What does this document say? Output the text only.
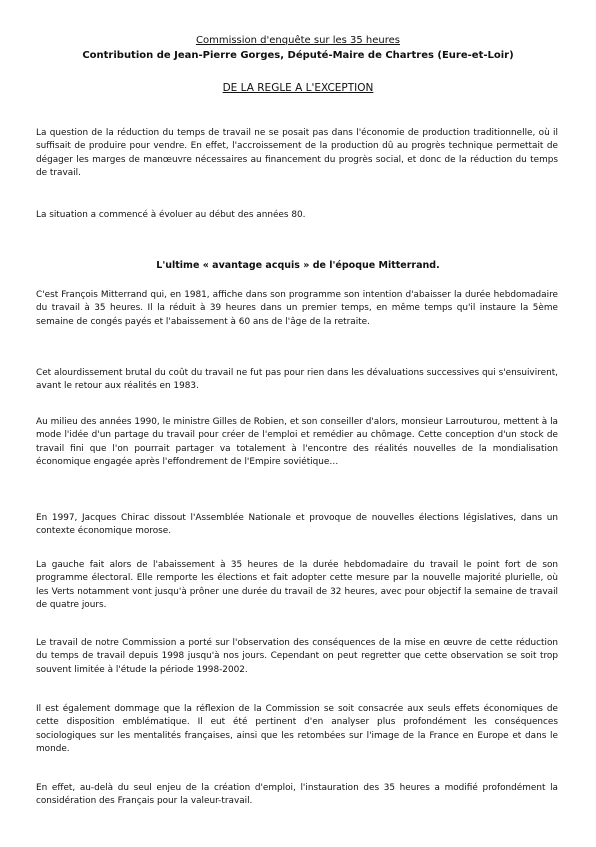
Commission d'enquête sur les 35 heures
Contribution de Jean-Pierre Gorges, Député-Maire de Chartres (Eure-et-Loir)
DE LA REGLE A L'EXCEPTION

La question de la réduction du temps de travail ne se posait pas dans l'économie de production traditionnelle, où il suffisait de produire pour vendre. En effet, l'accroissement de la production dû au progrès technique permettait de dégager les marges de manœuvre nécessaires au financement du progrès social, et donc de la réduction du temps de travail.

La situation a commencé à évoluer au début des années 80.

L'ultime « avantage acquis » de l'époque Mitterrand.

C'est François Mitterrand qui, en 1981, affiche dans son programme son intention d'abaisser la durée hebdomadaire du travail à 35 heures. Il la réduit à 39 heures dans un premier temps, en même temps qu'il instaure la 5ème semaine de congés payés et l'abaissement à 60 ans de l'âge de la retraite.

Cet alourdissement brutal du coût du travail ne fut pas pour rien dans les dévaluations successives qui s'ensuivirent, avant le retour aux réalités en 1983.

Au milieu des années 1990, le ministre Gilles de Robien, et son conseiller d'alors, monsieur Larrouturou, mettent à la mode l'idée d'un partage du travail pour créer de l'emploi et remédier au chômage. Cette conception d'un stock de travail fini que l'on pourrait partager va totalement à l'encontre des réalités nouvelles de la mondialisation économique engagée après l'effondrement de l'Empire soviétique…

En 1997, Jacques Chirac dissout l'Assemblée Nationale et provoque de nouvelles élections législatives, dans un contexte économique morose.

La gauche fait alors de l'abaissement à 35 heures de la durée hebdomadaire du travail le point fort de son programme électoral. Elle remporte les élections et fait adopter cette mesure par la nouvelle majorité plurielle, où les Verts notamment vont jusqu'à prôner une durée du travail de 32 heures, avec pour objectif la semaine de travail de quatre jours.

Le travail de notre Commission a porté sur l'observation des conséquences de la mise en œuvre de cette réduction du temps de travail depuis 1998 jusqu'à nos jours. Cependant on peut regretter que cette observation se soit trop souvent limitée à l'étude la période 1998-2002.

Il est également dommage que la réflexion de la Commission se soit consacrée aux seuls effets économiques de cette disposition emblématique. Il eut été pertinent d'en analyser plus profondément les conséquences sociologiques sur les mentalités françaises, ainsi que les retombées sur l'image de la France en Europe et dans le monde.

En effet, au-delà du seul enjeu de la création d'emploi, l'instauration des 35 heures a modifié profondément la considération des Français pour la valeur-travail.
